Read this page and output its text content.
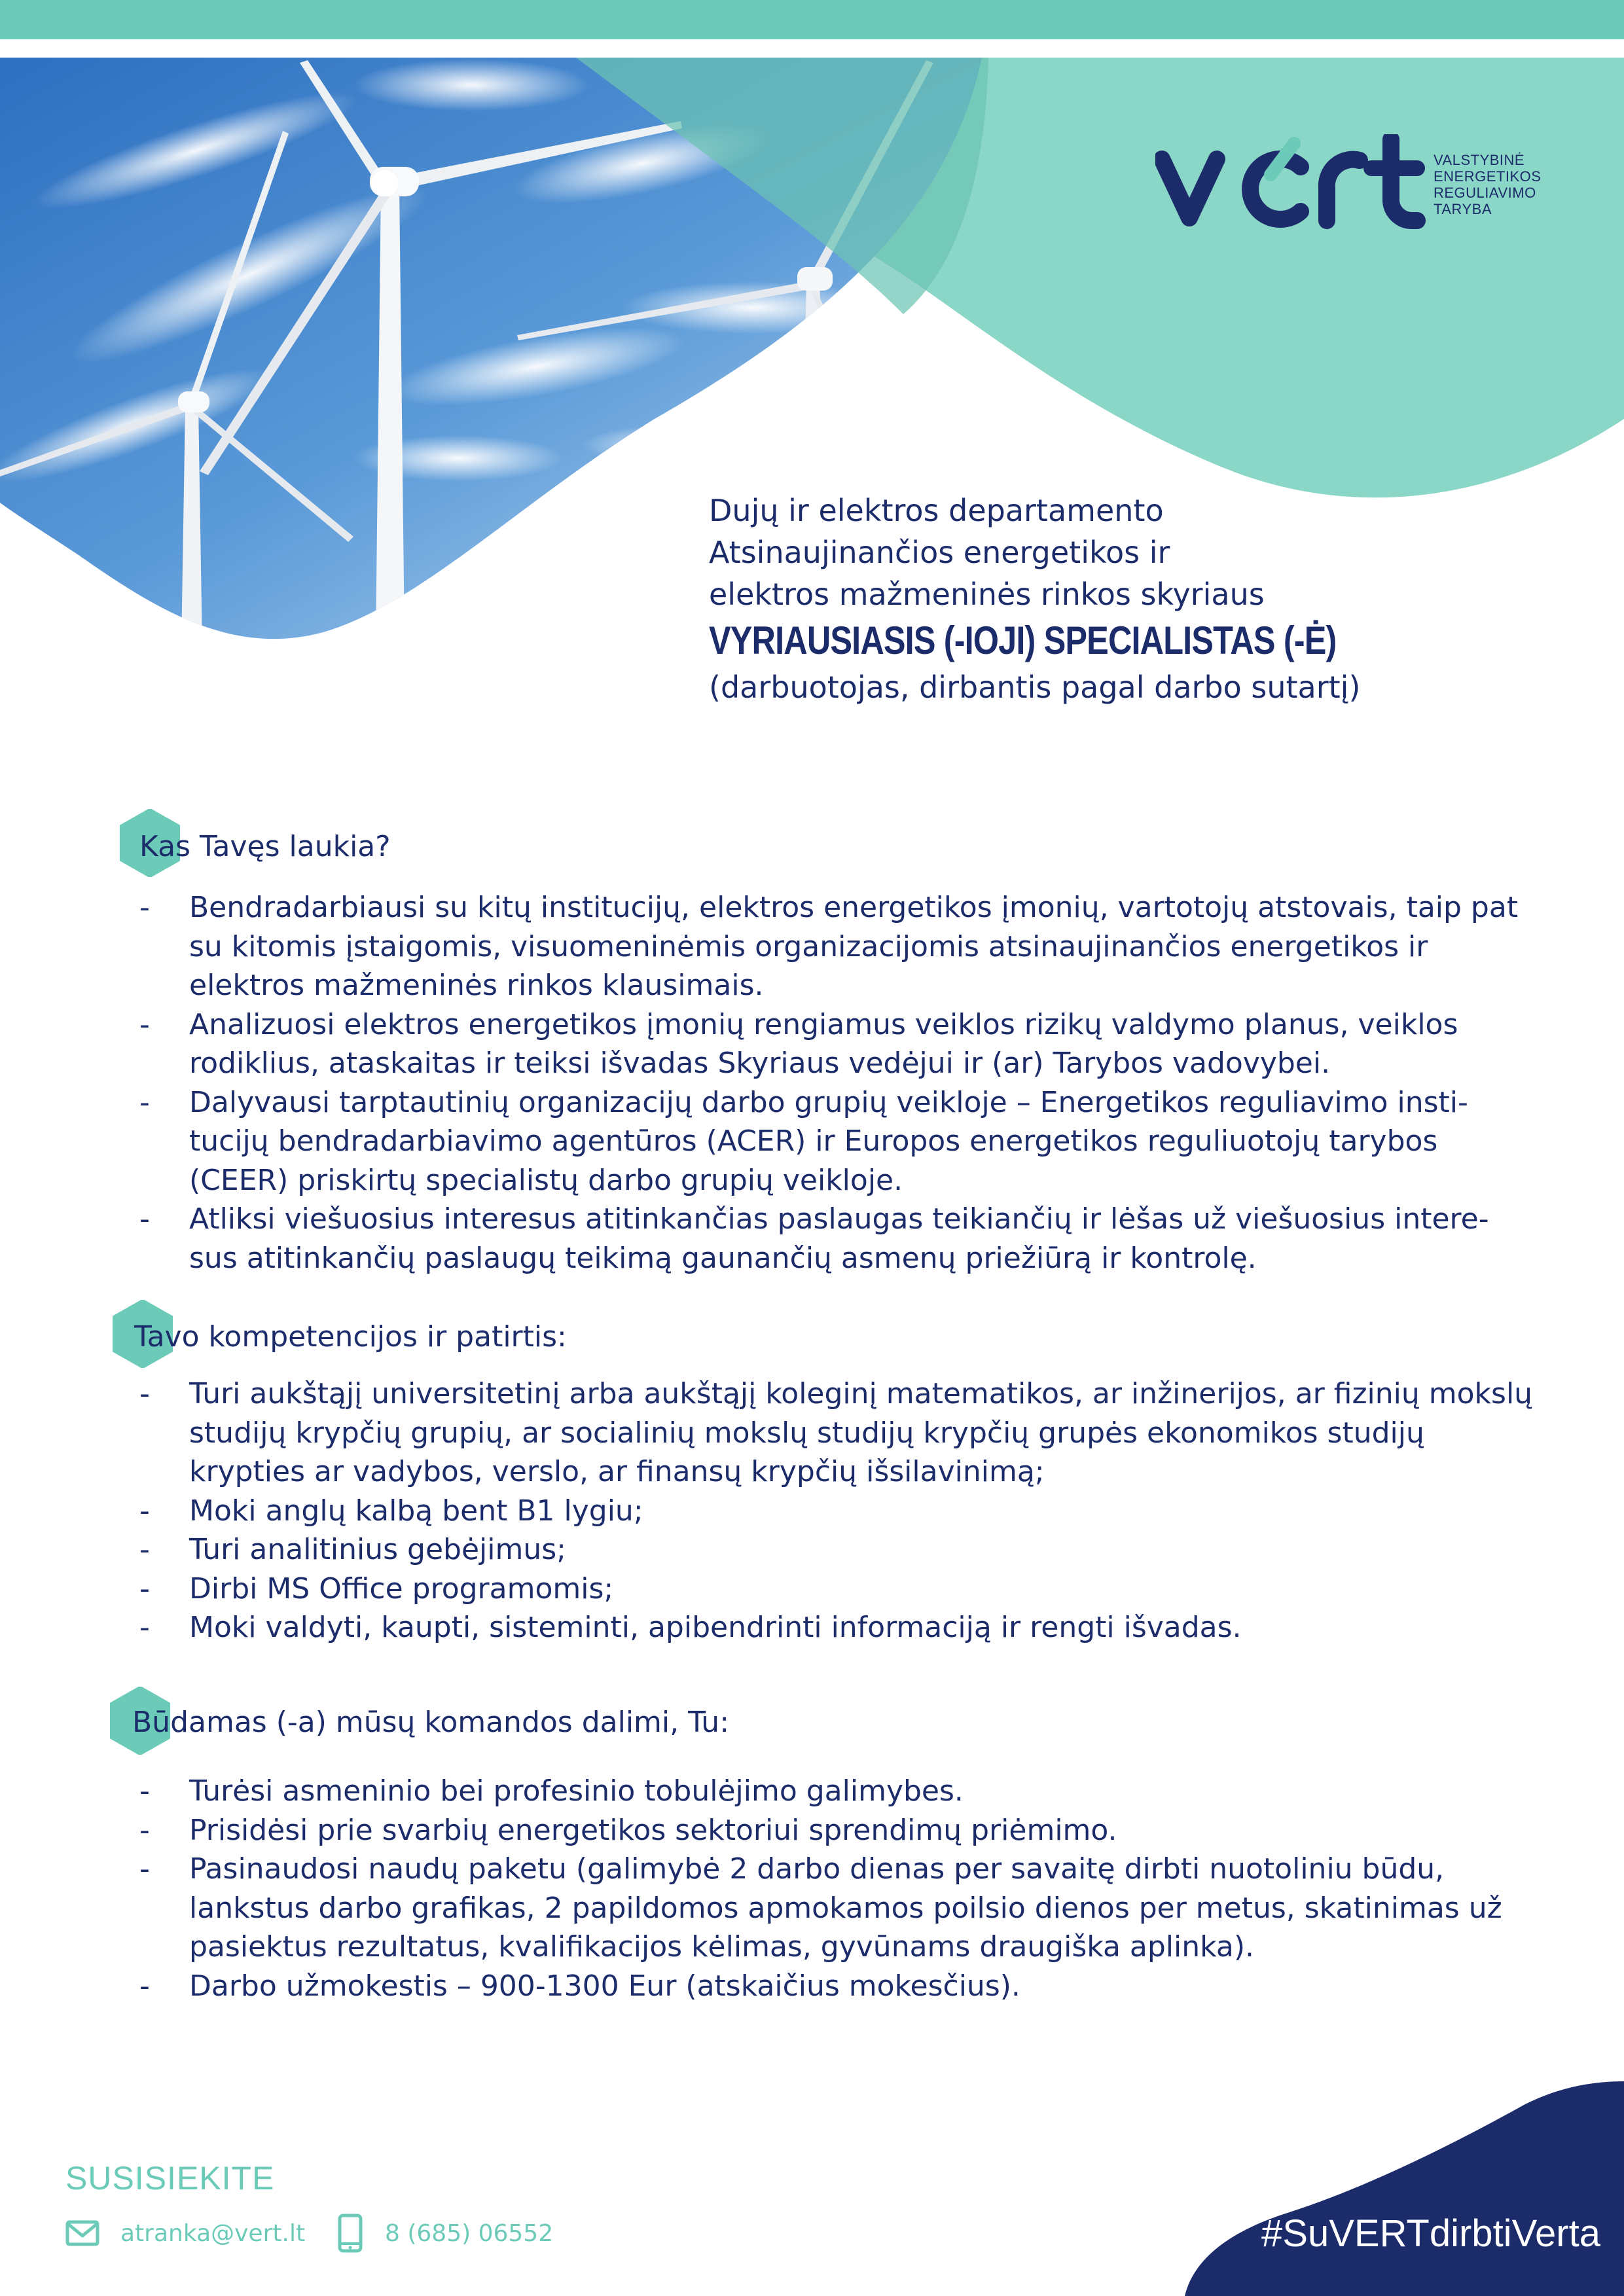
VALSTYBINĖ
ENERGETIKOS
REGULIAVIMO
TARYBA
Dujų ir elektros departamento
Atsinaujinančios energetikos ir
elektros mažmeninės rinkos skyriaus
VYRIAUSIASIS (-IOJI) SPECIALISTAS (-Ė)
(darbuotojas, dirbantis pagal darbo sutartį)
Kas Tavęs laukia?
- Bendradarbiausi su kitų institucijų, elektros energetikos įmonių, vartotojų atstovais, taip pat su kitomis įstaigomis, visuomeninėmis organizacijomis atsinaujinančios energetikos ir elektros mažmeninės rinkos klausimais.
- Analizuosi elektros energetikos įmonių rengiamus veiklos rizikų valdymo planus, veiklos rodiklius, ataskaitas ir teiksi išvadas Skyriaus vedėjui ir (ar) Tarybos vadovybei.
- Dalyvausi tarptautinių organizacijų darbo grupių veikloje – Energetikos reguliavimo insti-tucijų bendradarbiavimo agentūros (ACER) ir Europos energetikos reguliuotojų tarybos (CEER) priskirtų specialistų darbo grupių veikloje.
- Atliksi viešuosius interesus atitinkančias paslaugas teikiančių ir lėšas už viešuosius intere-sus atitinkančių paslaugų teikimą gaunančių asmenų priežiūrą ir kontrolę.
Tavo kompetencijos ir patirtis:
- Turi aukštąjį universitetinį arba aukštąjį koleginį matematikos, ar inžinerijos, ar fizinių mokslų studijų krypčių grupių, ar socialinių mokslų studijų krypčių grupės ekonomikos studijų krypties ar vadybos, verslo, ar finansų krypčių išsilavinimą;
- Moki anglų kalbą bent B1 lygiu;
- Turi analitinius gebėjimus;
- Dirbi MS Office programomis;
- Moki valdyti, kaupti, sisteminti, apibendrinti informaciją ir rengti išvadas.
Būdamas (-a) mūsų komandos dalimi, Tu:
- Turėsi asmeninio bei profesinio tobulėjimo galimybes.
- Prisidėsi prie svarbių energetikos sektoriui sprendimų priėmimo.
- Pasinaudosi naudų paketu (galimybė 2 darbo dienas per savaitę dirbti nuotoliniu būdu, lankstus darbo grafikas, 2 papildomos apmokamos poilsio dienos per metus, skatinimas už pasiektus rezultatus, kvalifikacijos kėlimas, gyvūnams draugiška aplinka).
- Darbo užmokestis – 900-1300 Eur (atskaičius mokesčius).
SUSISIEKITE
atranka@vert.lt	8 (685) 06552	#SuVERTdirbtiVerta
